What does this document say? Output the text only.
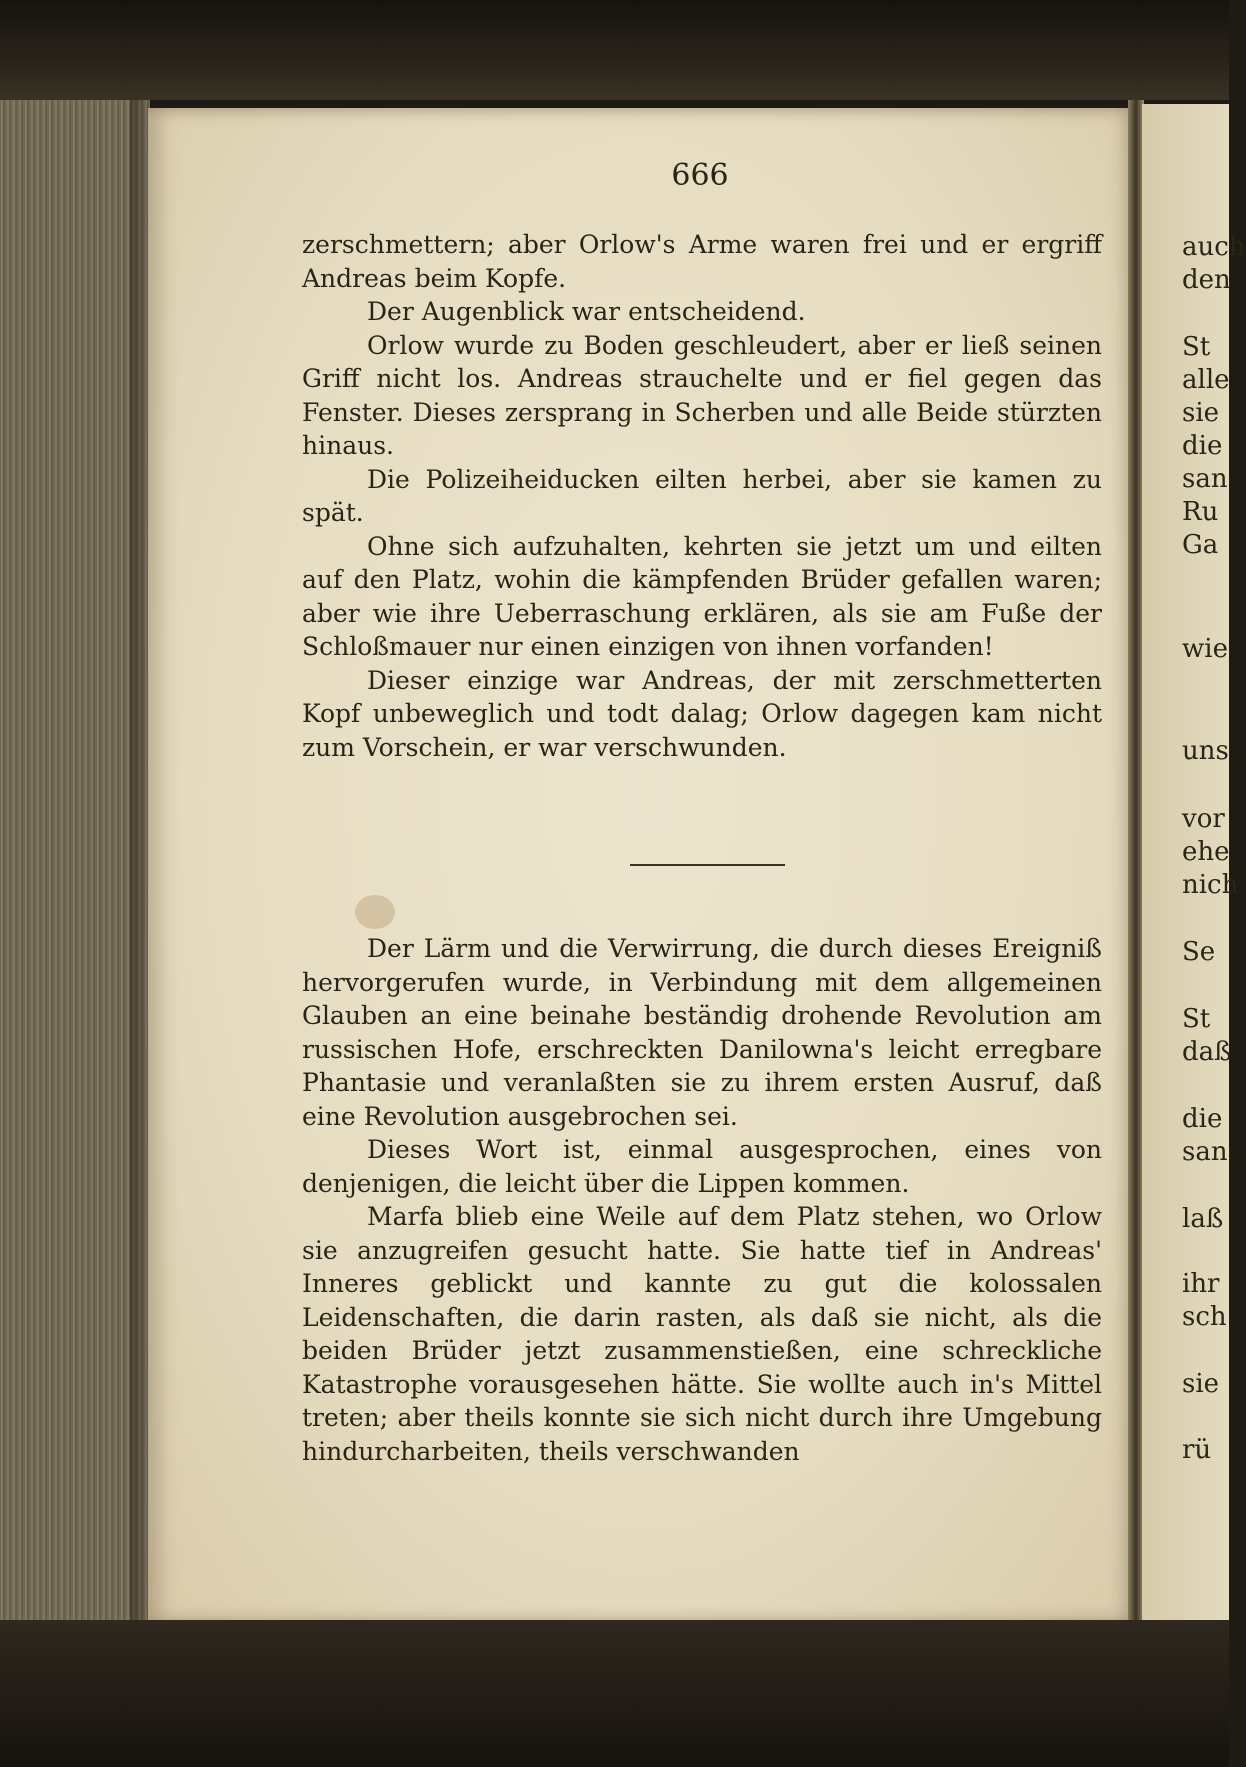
666

zerschmettern; aber Orlow's Arme waren frei und er ergriff Andreas beim Kopfe.

Der Augenblick war entscheidend.

Orlow wurde zu Boden geschleudert, aber er ließ seinen Griff nicht los. Andreas strauchelte und er fiel gegen das Fenster. Dieses zersprang in Scherben und alle Beide stürzten hinaus.

Die Polizeiheiducken eilten herbei, aber sie kamen zu spät.

Ohne sich aufzuhalten, kehrten sie jetzt um und eilten auf den Platz, wohin die kämpfenden Brüder gefallen waren; aber wie ihre Ueberraschung erklären, als sie am Fuße der Schloßmauer nur einen einzigen von ihnen vorfanden!

Dieser einzige war Andreas, der mit zerschmetterten Kopf unbeweglich und todt dalag; Orlow dagegen kam nicht zum Vorschein, er war verschwunden.

Der Lärm und die Verwirrung, die durch dieses Ereigniß hervorgerufen wurde, in Verbindung mit dem allgemeinen Glauben an eine beinahe beständig drohende Revolution am russischen Hofe, erschreckten Danilowna's leicht erregbare Phantasie und veranlaßten sie zu ihrem ersten Ausruf, daß eine Revolution ausgebrochen sei.

Dieses Wort ist, einmal ausgesprochen, eines von denjenigen, die leicht über die Lippen kommen.

Marfa blieb eine Weile auf dem Platz stehen, wo Orlow sie anzugreifen gesucht hatte. Sie hatte tief in Andreas' Inneres geblickt und kannte zu gut die kolossalen Leidenschaften, die darin rasten, als daß sie nicht, als die beiden Brüder jetzt zusammenstießen, eine schreckliche Katastrophe vorausgesehen hätte. Sie wollte auch in's Mittel treten; aber theils konnte sie sich nicht durch ihre Umgebung hindurcharbeiten, theils verschwanden

auch
den
St
alle
sie
die
san
Ru
Ga
wie
uns
vor
ehe
nich
Se
St
daß
die
san
laß
ihr
sch
sie
rü
